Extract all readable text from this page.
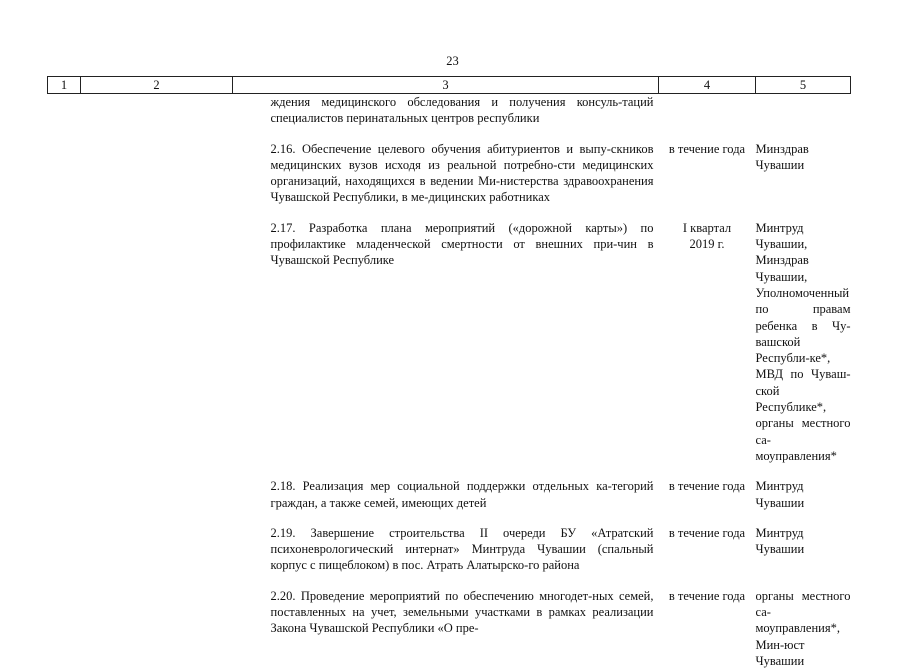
23
1	2	3	4	5

	ждения медицинского обследования и получения консуль-таций специалистов перинатальных центров республики			

	2.16. Обеспечение целевого обучения абитуриентов и выпу-скников медицинских вузов исходя из реальной потребно-сти медицинских организаций, находящихся в ведении Ми-нистерства здравоохранения Чувашской Республики, в ме-дицинских работниках		в течение года	Минздрав Чувашии

	2.17. Разработка плана мероприятий («дорожной карты») по профилактике младенческой смертности от внешних при-чин в Чувашской Республике		I квартал 2019 г.	Минтруд Чувашии, Минздрав Чувашии, Уполномоченный по правам ребенка в Чу-вашской Республи-ке*, МВД по Чуваш-ской Республике*, органы местного са-моуправления*

	2.18. Реализация мер социальной поддержки отдельных ка-тегорий граждан, а также семей, имеющих детей		в течение года	Минтруд Чувашии

	2.19. Завершение строительства II очереди БУ «Атратский психоневрологический интернат» Минтруда Чувашии (спальный корпус с пищеблоком) в пос. Атрать Алатырско-го района		в течение года	Минтруд Чувашии

	2.20. Проведение мероприятий по обеспечению многодет-ных семей, поставленных на учет, земельными участками в рамках реализации Закона Чувашской Республики «О пре-		в течение года	органы местного са-моуправления*, Мин-юст Чувашии
